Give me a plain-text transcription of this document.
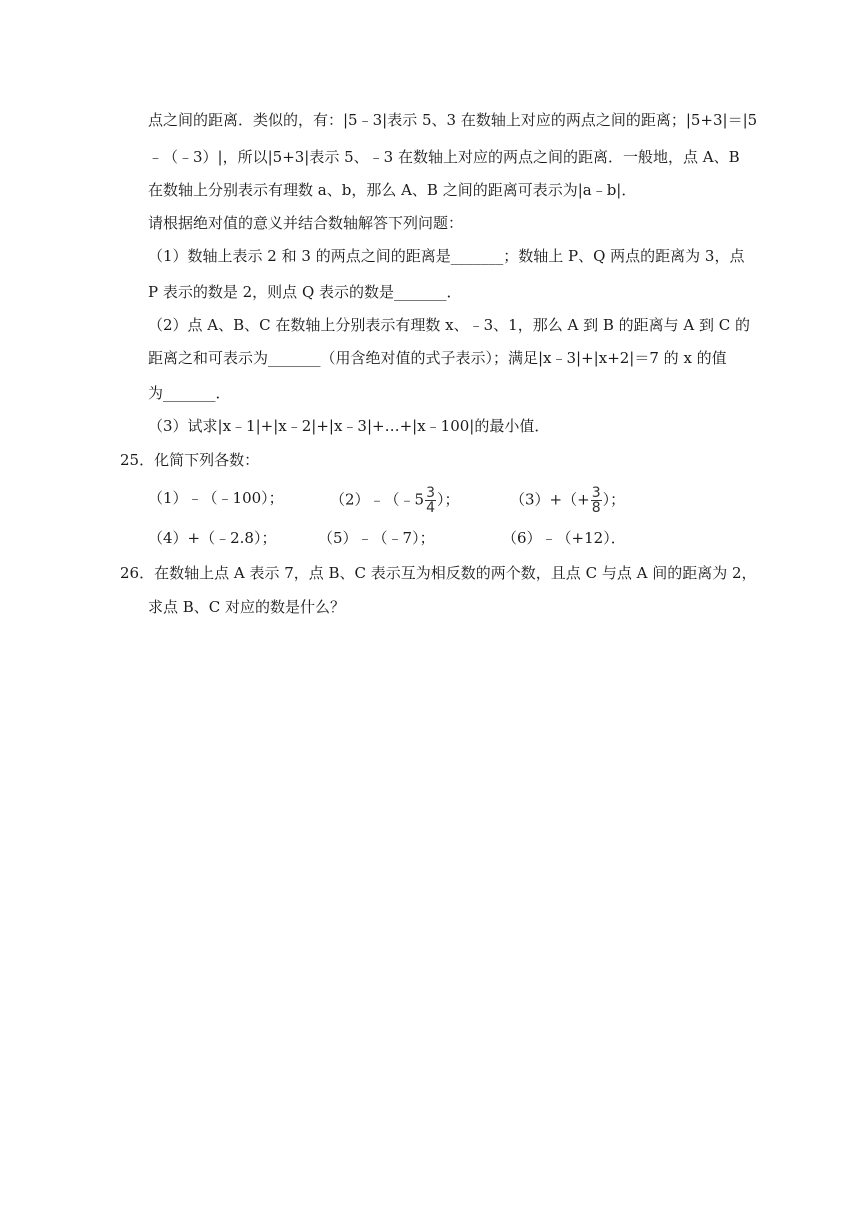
点之间的距离．类似的，有：|5﹣3|表示 5、3 在数轴上对应的两点之间的距离；|5+3|＝|5
﹣（﹣3）|，所以|5+3|表示 5、﹣3 在数轴上对应的两点之间的距离．一般地，点 A、B
在数轴上分别表示有理数 a、b，那么 A、B 之间的距离可表示为|a﹣b|．
请根据绝对值的意义并结合数轴解答下列问题：
（1）数轴上表示 2 和 3 的两点之间的距离是_______；数轴上 P、Q 两点的距离为 3，点
P 表示的数是 2，则点 Q 表示的数是_______．
（2）点 A、B、C 在数轴上分别表示有理数 x、﹣3、1，那么 A 到 B 的距离与 A 到 C 的
距离之和可表示为_______（用含绝对值的式子表示）；满足|x﹣3|+|x+2|＝7 的 x 的值
为_______．
（3）试求|x﹣1|+|x﹣2|+|x﹣3|+…+|x﹣100|的最小值．
25．化简下列各数：
（1）﹣（﹣100）；	（2）﹣（﹣5 $\frac{3}{4}$ ）；	$(3)+(+ \frac{3}{8}$ ）；
（4）+（﹣2.8）；	（5）﹣（﹣7）；	（6）﹣（+12）．
26．在数轴上点 A 表示 7，点 B、C 表示互为相反数的两个数，且点 C 与点 A 间的距离为 2，
求点 B、C 对应的数是什么？
